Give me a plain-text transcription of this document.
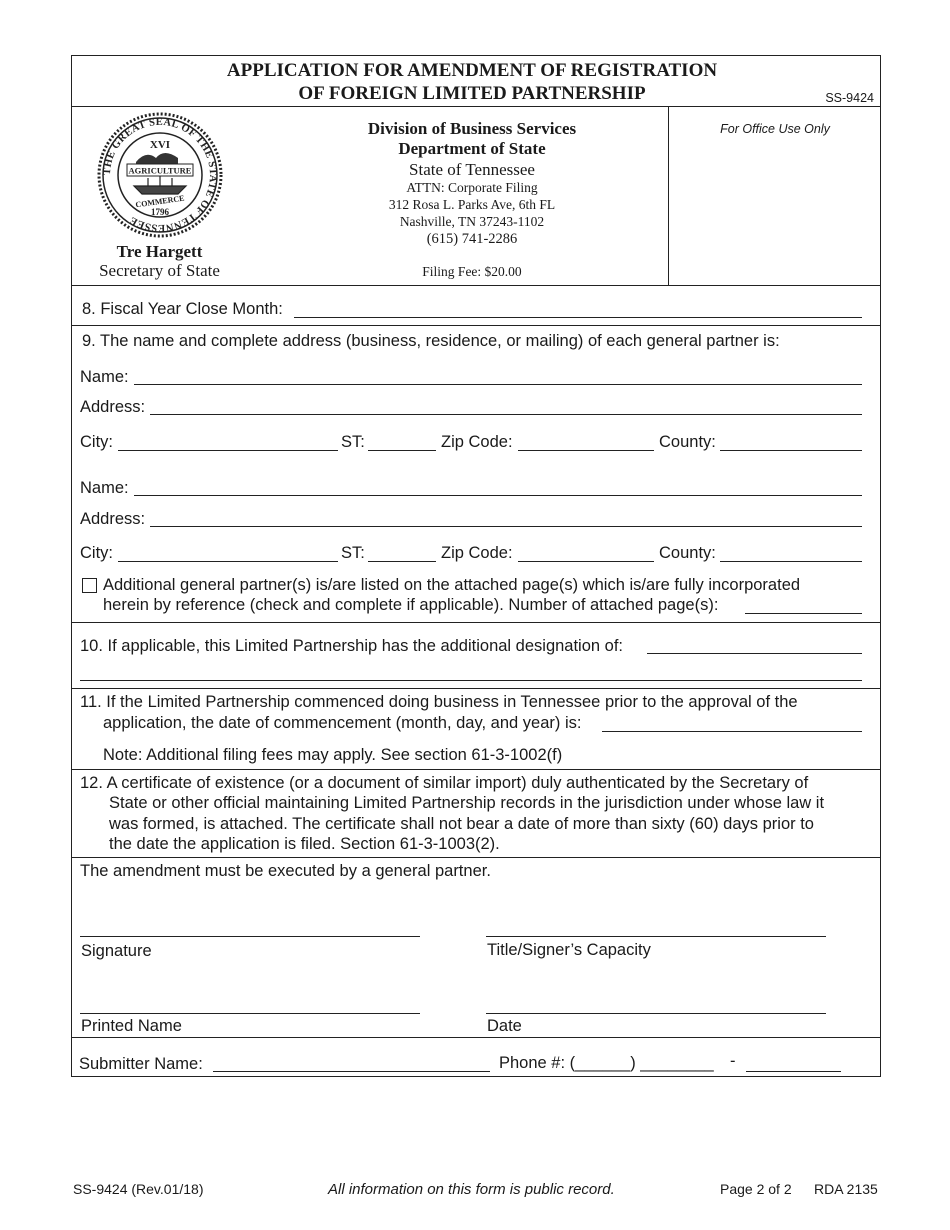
APPLICATION FOR AMENDMENT OF REGISTRATION
OF FOREIGN LIMITED PARTNERSHIP	SS-9424
THE GREAT SEAL OF THE STATE OF TENNESSEE
XVI
AGRICULTURE
COMMERCE
1796
Tre Hargett
Secretary of State
Division of Business Services
Department of State
State of Tennessee
ATTN: Corporate Filing
312 Rosa L. Parks Ave, 6th FL
Nashville, TN 37243-1102
(615) 741-2286
Filing Fee: $20.00
For Office Use Only
8. Fiscal Year Close Month:
9. The name and complete address (business, residence, or mailing) of each general partner is:
Name:
Address:
City:	ST:	Zip Code:	County:
Name:
Address:
City:	ST:	Zip Code:	County:
Additional general partner(s) is/are listed on the attached page(s) which is/are fully incorporated
herein by reference (check and complete if applicable). Number of attached page(s):
10. If applicable, this Limited Partnership has the additional designation of:
11. If the Limited Partnership commenced doing business in Tennessee prior to the approval of the
application, the date of commencement (month, day, and year) is:
Note: Additional filing fees may apply. See section 61-3-1002(f)
12. A certificate of existence (or a document of similar import) duly authenticated by the Secretary of
State or other official maintaining Limited Partnership records in the jurisdiction under whose law it
was formed, is attached. The certificate shall not bear a date of more than sixty (60) days prior to
the date the application is filed. Section 61-3-1003(2).
The amendment must be executed by a general partner.
Signature	Title/Signer’s Capacity
Printed Name	Date
Submitter Name:	Phone #: (______) ________ -
SS-9424 (Rev.01/18)	All information on this form is public record.	Page 2 of 2 RDA 2135
